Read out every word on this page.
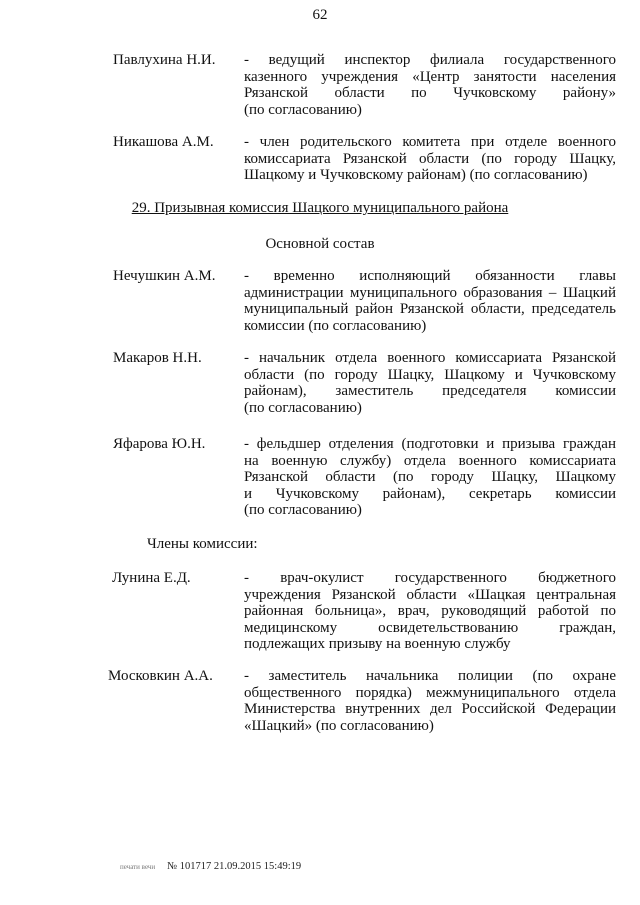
62
Павлухина Н.И. - ведущий инспектор филиала государственного
казенного учреждения «Центр занятости населения
Рязанской области по Чучковскому району»
(по согласованию)
Никашова А.М. - член родительского комитета при отделе военного
комиссариата Рязанской области (по городу Шацку,
Шацкому и Чучковскому районам) (по согласованию)
29. Призывная комиссия Шацкого муниципального района
Основной состав
Нечушкин А.М. - временно исполняющий обязанности главы
администрации муниципального образования – Шацкий
муниципальный район Рязанской области, председатель
комиссии (по согласованию)
Макаров Н.Н.	- начальник отдела военного комиссариата Рязанской
области (по городу Шацку, Шацкому и Чучковскому
районам), заместитель председателя комиссии
(по согласованию)
Яфарова Ю.Н.	- фельдшер отделения (подготовки и призыва граждан
на военную службу) отдела военного комиссариата
Рязанской области (по городу Шацку, Шацкому
и Чучковскому районам), секретарь комиссии
(по согласованию)
Члены комиссии:
Лунина Е.Д.	- врач-окулист государственного бюджетного
учреждения Рязанской области «Шацкая центральная
районная больница», врач, руководящий работой по
медицинскому освидетельствованию граждан,
подлежащих призыву на военную службу
Московкин А.А. - заместитель начальника полиции (по охране
общественного порядка) межмуниципального отдела
Министерства внутренних дел Российской Федерации
«Шацкий» (по согласованию)
печати вечи № 101717 21.09.2015 15:49:19
